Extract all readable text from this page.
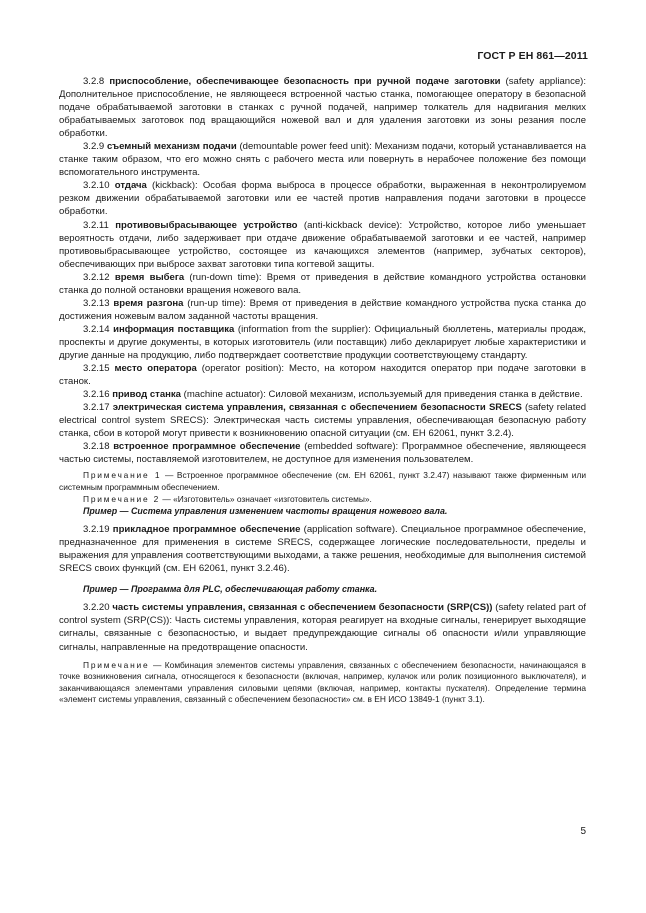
ГОСТ Р ЕН 861—2011

3.2.8 приспособление, обеспечивающее безопасность при ручной подаче заготовки (safety appliance): Дополнительное приспособление, не являющееся встроенной частью станка, помогающее оператору в безопасной подаче обрабатываемой заготовки в станках с ручной подачей, например толкатель для надвигания мелких обрабатываемых заготовок под вращающийся ножевой вал и для удаления заготовки из зоны резания после обработки.

3.2.9 съемный механизм подачи (demountable power feed unit): Механизм подачи, который устанавливается на станке таким образом, что его можно снять с рабочего места или повернуть в нерабочее положение без помощи вспомогательного инструмента.

3.2.10 отдача (kickback): Особая форма выброса в процессе обработки, выраженная в неконтролируемом резком движении обрабатываемой заготовки или ее частей против направления подачи заготовки в процессе обработки.

3.2.11 противовыбрасывающее устройство (anti-kickback device): Устройство, которое либо уменьшает вероятность отдачи, либо задерживает при отдаче движение обрабатываемой заготовки и ее частей, например противовыбрасывающее устройство, состоящее из качающихся элементов (например, зубчатых секторов), обеспечивающих при выбросе захват заготовки типа когтевой защиты.

3.2.12 время выбега (run-down time): Время от приведения в действие командного устройства остановки станка до полной остановки вращения ножевого вала.

3.2.13 время разгона (run-up time): Время от приведения в действие командного устройства пуска станка до достижения ножевым валом заданной частоты вращения.

3.2.14 информация поставщика (information from the supplier): Официальный бюллетень, материалы продаж, проспекты и другие документы, в которых изготовитель (или поставщик) либо декларирует любые характеристики и другие данные на продукцию, либо подтверждает соответствие продукции соответствующему стандарту.

3.2.15 место оператора (operator position): Место, на котором находится оператор при подаче заготовки в станок.

3.2.16 привод станка (machine actuator): Силовой механизм, используемый для приведения станка в действие.

3.2.17 электрическая система управления, связанная с обеспечением безопасности SRECS (safety related electrical control system SRECS): Электрическая часть системы управления, обеспечивающая безопасную работу станка, сбои в которой могут привести к возникновению опасной ситуации (см. ЕН 62061, пункт 3.2.4).

3.2.18 встроенное программное обеспечение (embedded software): Программное обеспечение, являющееся частью системы, поставляемой изготовителем, не доступное для изменения пользователем.

Примечание 1 — Встроенное программное обеспечение (см. ЕН 62061, пункт 3.2.47) называют также фирменным или системным программным обеспечением.

Примечание 2 — «Изготовитель» означает «изготовитель системы».

Пример — Система управления изменением частоты вращения ножевого вала.

3.2.19 прикладное программное обеспечение (application software). Специальное программное обеспечение, предназначенное для применения в системе SRECS, содержащее логические последовательности, пределы и выражения для управления соответствующими выходами, а также решения, необходимые для выполнения системой SRECS своих функций (см. ЕН 62061, пункт 3.2.46).

Пример — Программа для PLC, обеспечивающая работу станка.

3.2.20 часть системы управления, связанная с обеспечением безопасности (SRP(CS)) (safety related part of control system (SRP(CS)): Часть системы управления, которая реагирует на входные сигналы, генерирует выходящие сигналы, связанные с безопасностью, и выдает предупреждающие сигналы об опасности и/или управляющие сигналы, направленные на предотвращение опасности.

Примечание — Комбинация элементов системы управления, связанных с обеспечением безопасности, начинающаяся в точке возникновения сигнала, относящегося к безопасности (включая, например, кулачок или ролик позиционного выключателя), и заканчивающаяся элементами управления силовыми цепями (включая, например, контакты пускателя). Определение термина «элемент системы управления, связанный с обеспечением безопасности» см. в ЕН ИСО 13849-1 (пункт 3.1).

5
